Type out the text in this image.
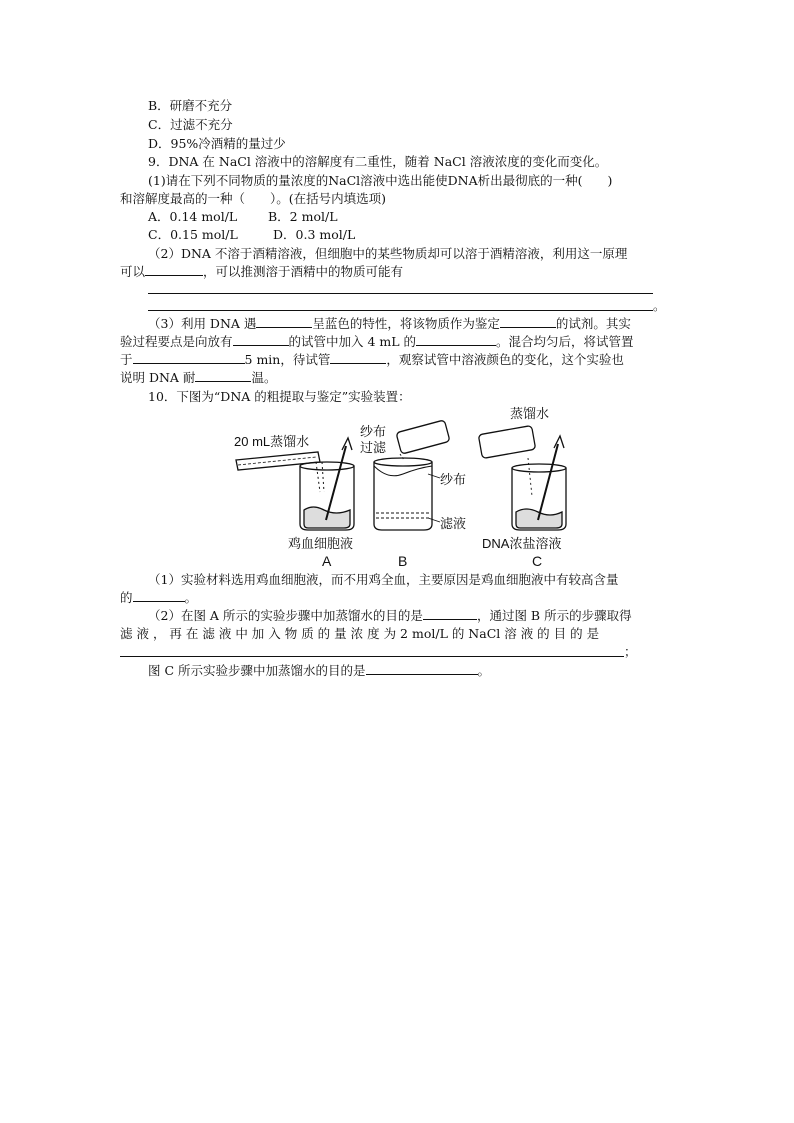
B．研磨不充分
C．过滤不充分
D．95%冷酒精的量过少
9．DNA 在 NaCl 溶液中的溶解度有二重性，随着 NaCl 溶液浓度的变化而变化。
(1)请在下列不同物质的量浓度的NaCl溶液中选出能使DNA析出最彻底的一种(　　)
和溶解度最高的一种（　　）。(在括号内填选项)
A．0.14 mol/L B．2 mol/L
C．0.15 mol/L	D．0.3 mol/L
（2）DNA 不溶于酒精溶液，但细胞中的某些物质却可以溶于酒精溶液，利用这一原理
可以	，可以推测溶于酒精中的物质可能有
。
（3）利用 DNA 遇	呈蓝色的特性，将该物质作为鉴定	的试剂。其实
验过程要点是向放有	的试管中加入 4 mL 的	。混合均匀后，将试管置
于	5 min，待试管	，观察试管中溶液颜色的变化，这个实验也
说明 DNA 耐	温。
10．下图为“DNA 的粗提取与鉴定”实验装置：
20 mL蒸馏水
纱布
过滤
蒸馏水
纱布
滤液
鸡血细胞液	DNA浓盐溶液
A	B	C
（1）实验材料选用鸡血细胞液，而不用鸡全血，主要原因是鸡血细胞液中有较高含量
的	。
（2）在图 A 所示的实验步骤中加蒸馏水的目的是	，通过图 B 所示的步骤取得
滤 液 ， 再 在 滤 液 中 加 入 物 质 的 量 浓 度 为 2 mol/L 的 NaCl 溶 液 的 目 的 是
；
图 C 所示实验步骤中加蒸馏水的目的是	。
